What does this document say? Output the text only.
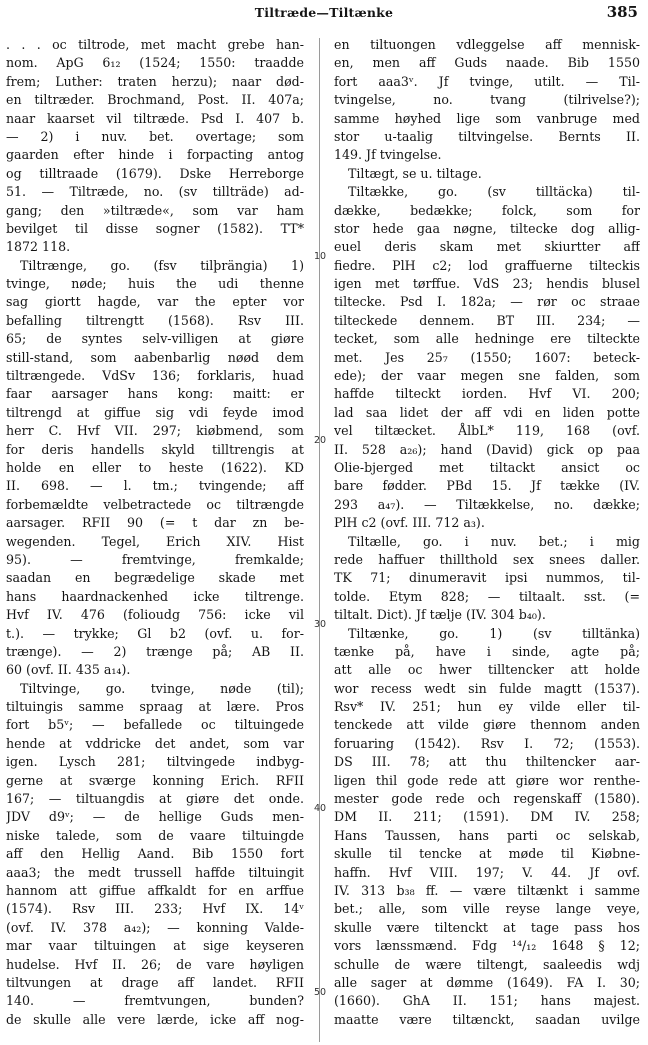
Tiltræde—Tiltænke	385
. . . oc tiltrode, met macht grebe han-
nom. ApG 6₁₂ (1524; 1550: traadde
frem; Luther: traten herzu); naar død-
en tiltræder. Brochmand, Post. II. 407a;
naar kaarset vil tiltræde. Psd I. 407 b.
— 2) i nuv. bet. overtage; som
gaarden efter hinde i forpacting antog
og tilltraade (1679). Dske Herreborge
51. — Tiltræde, no. (sv tillträde) ad-
gang; den »tiltræde«, som var ham
bevilget til disse sogner (1582). TT*
1872 118.
Tiltrænge, go. (fsv tilþrängia) 1)
tvinge, nøde; huis the udi thenne
sag giortt hagde, var the epter vor
befalling tiltrengtt (1568). Rsv III.
65; de syntes selv-villigen at giøre
still-stand, som aabenbarlig nøød dem
tiltrængede. VdSv 136; forklaris, huad
faar aarsager hans kong: maitt: er
tiltrengd at giffue sig vdi feyde imod
herr C. Hvf VII. 297; kiøbmend, som
for deris handells skyld tilltrengis at
holde en eller to heste (1622). KD
II. 698. — l. tm.; tvingende; aff
forbemældte velbetractede oc tiltrængde
aarsager. RFII 90 (= t dar zn be-
wegenden. Tegel, Erich XIV. Hist
95). — fremtvinge, fremkalde;
saadan en begrædelige skade met
hans haardnackenhed icke tiltrenge.
Hvf IV. 476 (folioudg 756: icke vil
t.). — trykke; Gl b2 (ovf. u. for-
trænge). — 2) trænge på; AB II.
60 (ovf. II. 435 a₁₄).
Tiltvinge, go. tvinge, nøde (til);
tiltuingis samme spraag at lære. Pros
fort b5ᵛ; — befallede oc tiltuingede
hende at vddricke det andet, som var
igen. Lysch 281; tiltvingede indbyg-
gerne at sværge konning Erich. RFII
167; — tiltuangdis at giøre det onde.
JDV d9ᵛ; — de hellige Guds men-
niske talede, som de vaare tiltuingde
aff den Hellig Aand. Bib 1550 fort
aaa3; the medt trussell haffde tiltuingit
hannom att giffue affkaldt for en arffue
(1574). Rsv III. 233; Hvf IX. 14ᵛ
(ovf. IV. 378 a₄₂); — konning Valde-
mar vaar tiltuingen at sige keyseren
hudelse. Hvf II. 26; de vare høyligen
tiltvungen at drage aff landet. RFII
140. — fremtvungen, bunden?
de skulle alle vere lærde, icke aff nog-
en tiltuongen vdleggelse aff mennisk-
en, men aff Guds naade. Bib 1550
fort aaa3ᵛ. Jf tvinge, utilt. — Til-
tvingelse, no. tvang (tilrivelse?);
samme høyhed lige som vanbruge med
stor u-taalig tiltvingelse. Bernts II.
149. Jf tvingelse.
Tiltægt, se u. tiltage.
Tiltække, go. (sv tilltäcka) til-
dække, bedække; folck, som for
stor hede gaa nøgne, tiltecke dog allig-
euel deris skam met skiurtter aff
fiedre. PlH c2; lod graffuerne tilteckis
igen met tørffue. VdS 23; hendis blusel
tiltecke. Psd I. 182a; — rør oc straae
tilteckede dennem. BT III. 234; —
tecket, som alle hedninge ere tilteckte
met. Jes 25₇ (1550; 1607: beteck-
ede); der vaar megen sne falden, som
haffde tilteckt iorden. Hvf VI. 200;
lad saa lidet der aff vdi en liden potte
vel tiltæcket. ÅlbL* 119, 168 (ovf.
II. 528 a₂₆); hand (David) gick op paa
Olie-bjerged met tiltackt ansict oc
bare fødder. PBd 15. Jf tække (IV.
293 a₄₇). — Tiltækkelse, no. dække;
PlH c2 (ovf. III. 712 a₃).
Tiltælle, go. i nuv. bet.; i mig
rede haffuer thillthold sex snees daller.
TK 71; dinumeravit ipsi nummos, til-
tolde. Etym 828; — tiltaalt. sst. (=
tiltalt. Dict). Jf tælje (IV. 304 b₄₀).
Tiltænke, go. 1) (sv tilltänka)
tænke på, have i sinde, agte på;
att alle oc hwer tilltencker att holde
wor recess wedt sin fulde magtt (1537).
Rsv* IV. 251; hun ey vilde eller til-
tenckede att vilde giøre thennom anden
foruaring (1542). Rsv I. 72; (1553).
DS III. 78; att thu thiltencker aar-
ligen thil gode rede att giøre wor renthe-
mester gode rede och regenskaff (1580).
DM II. 211; (1591). DM IV. 258;
Hans Taussen, hans parti oc selskab,
skulle til tencke at møde til Kiøbne-
haffn. Hvf VIII. 197; V. 44. Jf ovf.
IV. 313 b₃₈ ff. — være tiltænkt i samme
bet.; alle, som ville reyse lange veye,
skulle være tiltenckt at tage pass hos
vors lænssmænd. Fdg ¹⁴/₁₂ 1648 § 12;
schulle de wære tiltengt, saaleedis wdj
alle sager at dømme (1649). FA I. 30;
(1660). GhA II. 151; hans majest.
maatte være tiltænckt, saadan uvilge
10
20
30
40
50
